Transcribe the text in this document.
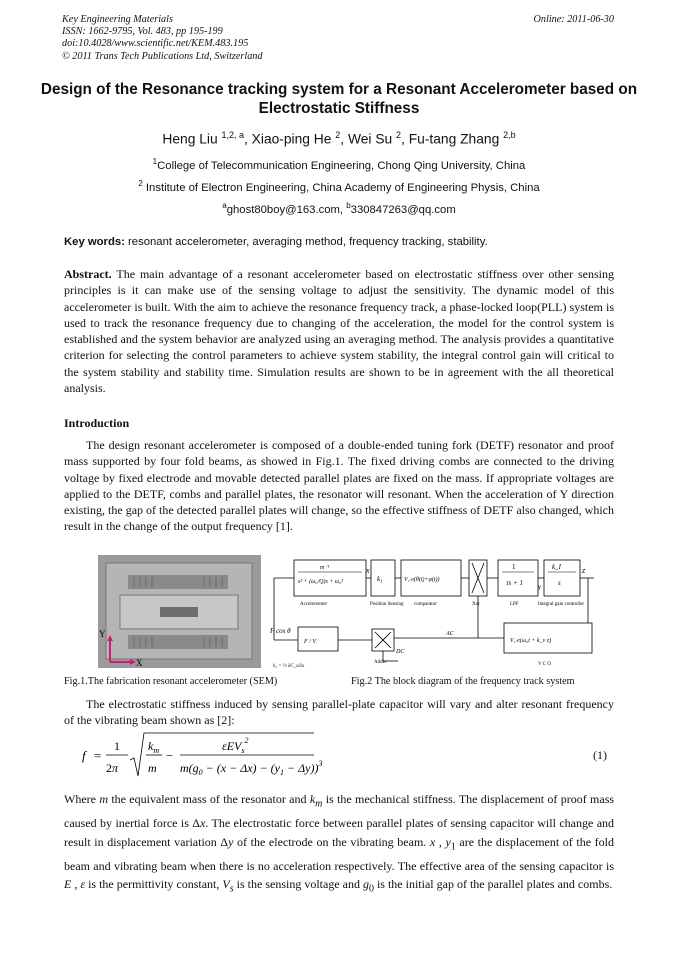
Key Engineering Materials
ISSN: 1662-9795, Vol. 483, pp 195-199
doi:10.4028/www.scientific.net/KEM.483.195
© 2011 Trans Tech Publications Ltd, Switzerland
Online: 2011-06-30
Design of the Resonance tracking system for a Resonant Accelerometer based on Electrostatic Stiffness
Heng Liu $^{1,2, a}$, Xiao-ping He $^2$, Wei Su $^2$, Fu-tang Zhang $^{2,b}$
$^1$College of Telecommunication Engineering, Chong Qing University, China
$^2$ Institute of Electron Engineering, China Academy of Engineering Physis, China
$^a$ghost80boy@163.com, $^b$330847263@qq.com
Key words: resonant accelerometer, averaging method, frequency tracking, stability.
Abstract. The main advantage of a resonant accelerometer based on electrostatic stiffness over other sensing principles is it can make use of the sensing voltage to adjust the sensitivity. The dynamic model of this accelerometer is built. With the aim to achieve the resonance frequency track, a phase-locked loop(PLL) system is used to track the resonance frequency due to changing of the acceleration, the model for the control system is established and the system behavior are analyzed using an averaging method. The analysis provides a quantitative criterion for selecting the control parameters to achieve system stability, the integral control gain will critical to the system stability and stability time. Simulation results are shown to be in agreement with the all theoretical analysis.
Introduction
The design resonant accelerometer is composed of a double-ended tuning fork (DETF) resonator and proof mass supported by four fold beams, as showed in Fig.1. The fixed driving combs are connected to the driving voltage by fixed electrode and movable detected parallel plates are fixed on the mass. If appropriate voltages are applied to the DETF, combs and parallel plates, the resonator will resonant. When the acceleration of Y direction existing, the gap of the detected parallel plates will change, so the effective stiffness of DETF also changed, which result in the change of the output frequency [1].
Y
X
m⁻¹
s² + (ω₀/Q)s + ω₀²	k₁	V꜀·e(θ(t)+φ(t))
1
τs + 1
k_I
s
V꜀·e(ω₀t + k_v z)
k₂ = ½ ∂C_s/∂x
Acceleromter	Position Sensing comparator	Xor	LPF	Integral gain controller
Adder	V C O
AC
DC
x
y
z
F / V
F cos θ
Fig.1.The fabrication resonant accelerometer (SEM)	Fig.2 The block diagram of the frequency track system
The electrostatic stiffness induced by sensing parallel-plate capacitor will vary and alter resonant frequency of the vibrating beam shown as [2]:
f =
1
2π
$k_m$
m
−
εEV$_s^2$
$m(g_0 - (x - \Delta x) - (y_1 - \Delta y))^3$
(1)
Where m the equivalent mass of the resonator and $k_m$ is the mechanical stiffness. The displacement of proof mass caused by inertial force is Δx. The electrostatic force between parallel plates of sensing capacitor will change and result in displacement variation Δy of the electrode on the vibrating beam. x , $y_1$ are the displacement of the fold beam and vibrating beam when there is no acceleration respectively. The effective area of the sensing capacitor is E , ε is the permittivity constant, $V_s$ is the sensing voltage and $g_0$ is the initial gap of the parallel plates and combs.
